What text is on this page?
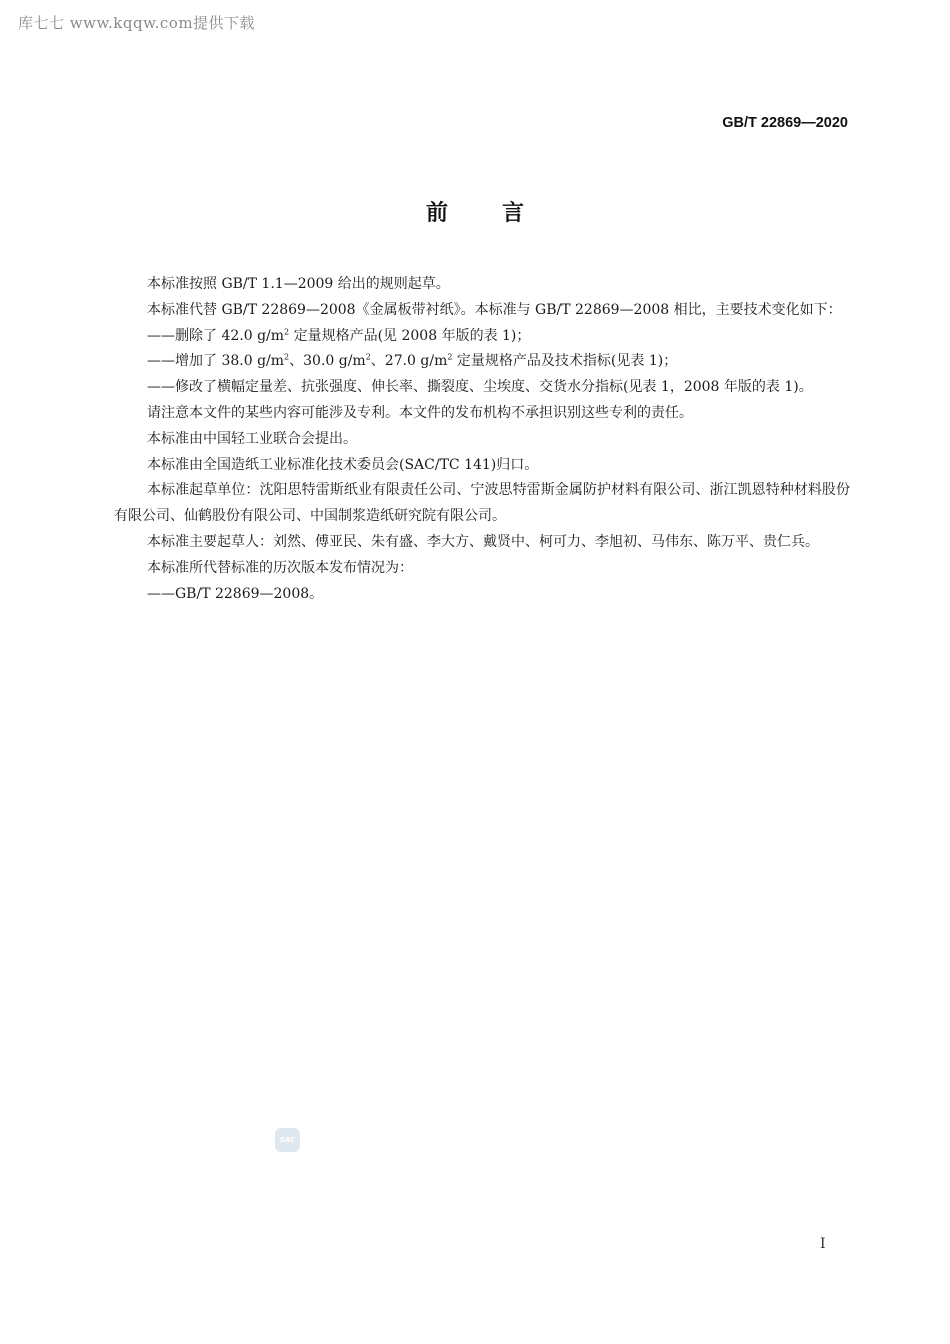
库七七 www.kqqw.com提供下载
GB/T 22869—2020
前言

本标准按照 GB/T 1.1—2009 给出的规则起草。

本标准代替 GB/T 22869—2008《金属板带衬纸》。本标准与 GB/T 22869—2008 相比，主要技术变化如下：

——删除了 42.0 $g/m^2$ 定量规格产品(见 2008 年版的表 1)；

——增加了 38.0 $g/m^2$、30.0 $g/m^2$、27.0 $g/m^2$ 定量规格产品及技术指标(见表 1)；

——修改了横幅定量差、抗张强度、伸长率、撕裂度、尘埃度、交货水分指标(见表 1，2008 年版的表 1)。

请注意本文件的某些内容可能涉及专利。本文件的发布机构不承担识别这些专利的责任。

本标准由中国轻工业联合会提出。

本标准由全国造纸工业标准化技术委员会(SAC/TC 141)归口。

本标准起草单位：沈阳思特雷斯纸业有限责任公司、宁波思特雷斯金属防护材料有限公司、浙江凯恩特种材料股份有限公司、仙鹤股份有限公司、中国制浆造纸研究院有限公司。

本标准主要起草人：刘然、傅亚民、朱有盛、李大方、戴贤中、柯可力、李旭初、马伟东、陈万平、贵仁兵。

本标准所代替标准的历次版本发布情况为：

——GB/T 22869—2008。

SAC
I
